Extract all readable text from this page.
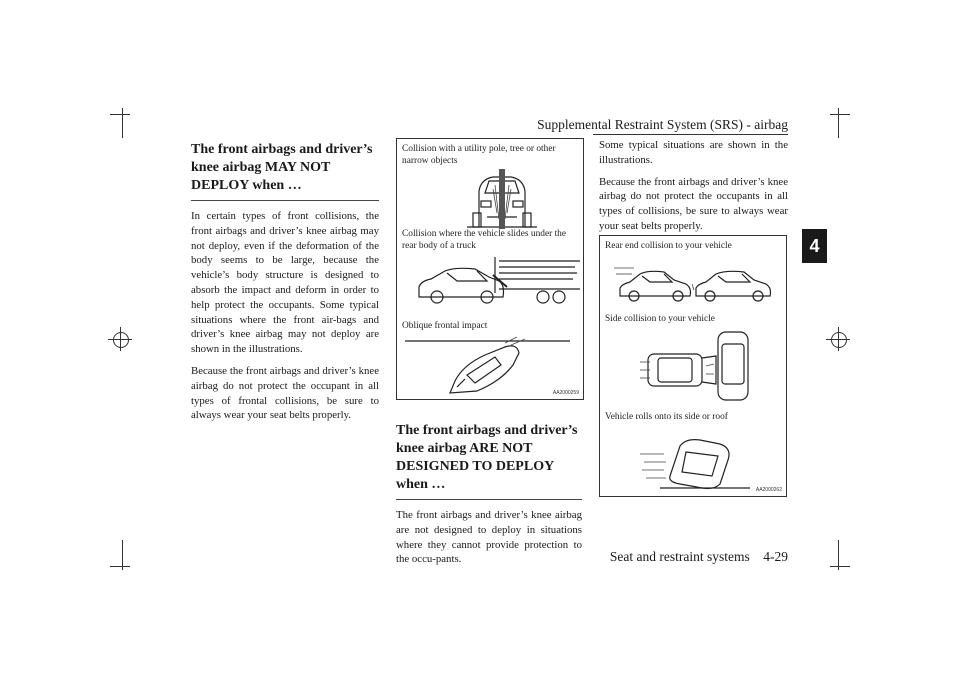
Supplemental Restraint System (SRS) - airbag
4
The front airbags and driver’s knee airbag MAY NOT DEPLOY when …
In certain types of front collisions, the front airbags and driver’s knee airbag may not deploy, even if the deformation of the body seems to be large, because the vehicle’s body structure is designed to absorb the impact and deform in order to help protect the occupants. Some typical situations where the front air-bags and driver’s knee airbag may not deploy are shown in the illustrations.
Because the front airbags and driver’s knee airbag do not protect the occupant in all types of frontal collisions, be sure to always wear your seat belts properly.
Collision with a utility pole, tree or other narrow objects
Collision where the vehicle slides under the rear body of a truck
Oblique frontal impact
AA2000259
The front airbags and driver’s knee airbag ARE NOT DESIGNED TO DEPLOY when …
The front airbags and driver’s knee airbag are not designed to deploy in situations where they cannot provide protection to the occu-pants.
Some typical situations are shown in the illustrations.
Because the front airbags and driver’s knee airbag do not protect the occupants in all types of collisions, be sure to always wear your seat belts properly.
Rear end collision to your vehicle
Side collision to your vehicle
Vehicle rolls onto its side or roof
AA2000262
Seat and restraint systems    4-29
